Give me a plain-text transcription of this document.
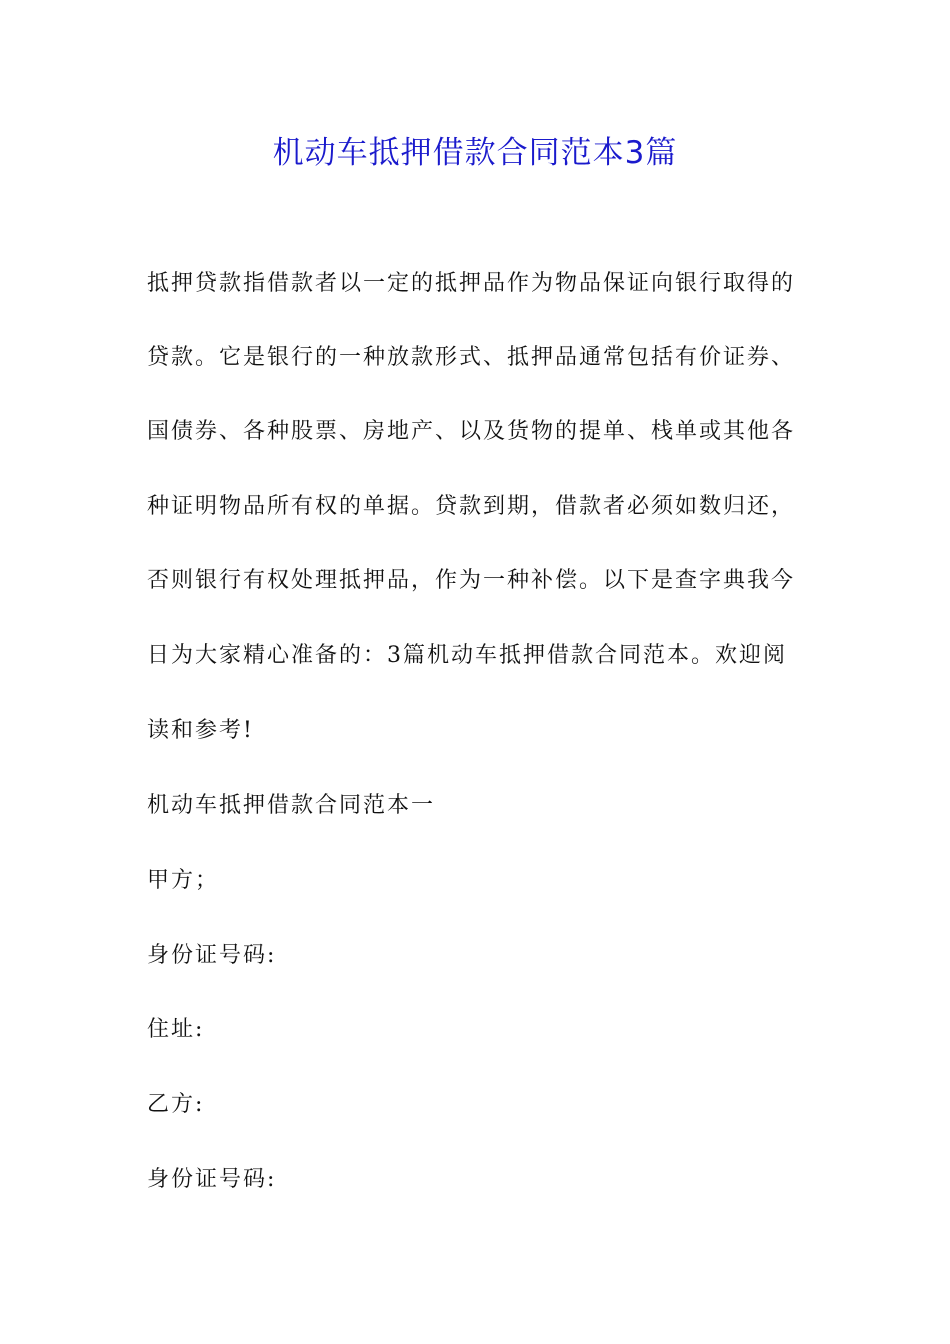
机动车抵押借款合同范本3篇
抵押贷款指借款者以一定的抵押品作为物品保证向银行取得的
贷款。它是银行的一种放款形式、抵押品通常包括有价证券、
国债券、各种股票、房地产、以及货物的提单、栈单或其他各
种证明物品所有权的单据。贷款到期，借款者必须如数归还，
否则银行有权处理抵押品，作为一种补偿。以下是查字典我今
日为大家精心准备的：3篇机动车抵押借款合同范本。欢迎阅
读和参考!
机动车抵押借款合同范本一
甲方；
身份证号码:
住址:
乙方:
身份证号码:
